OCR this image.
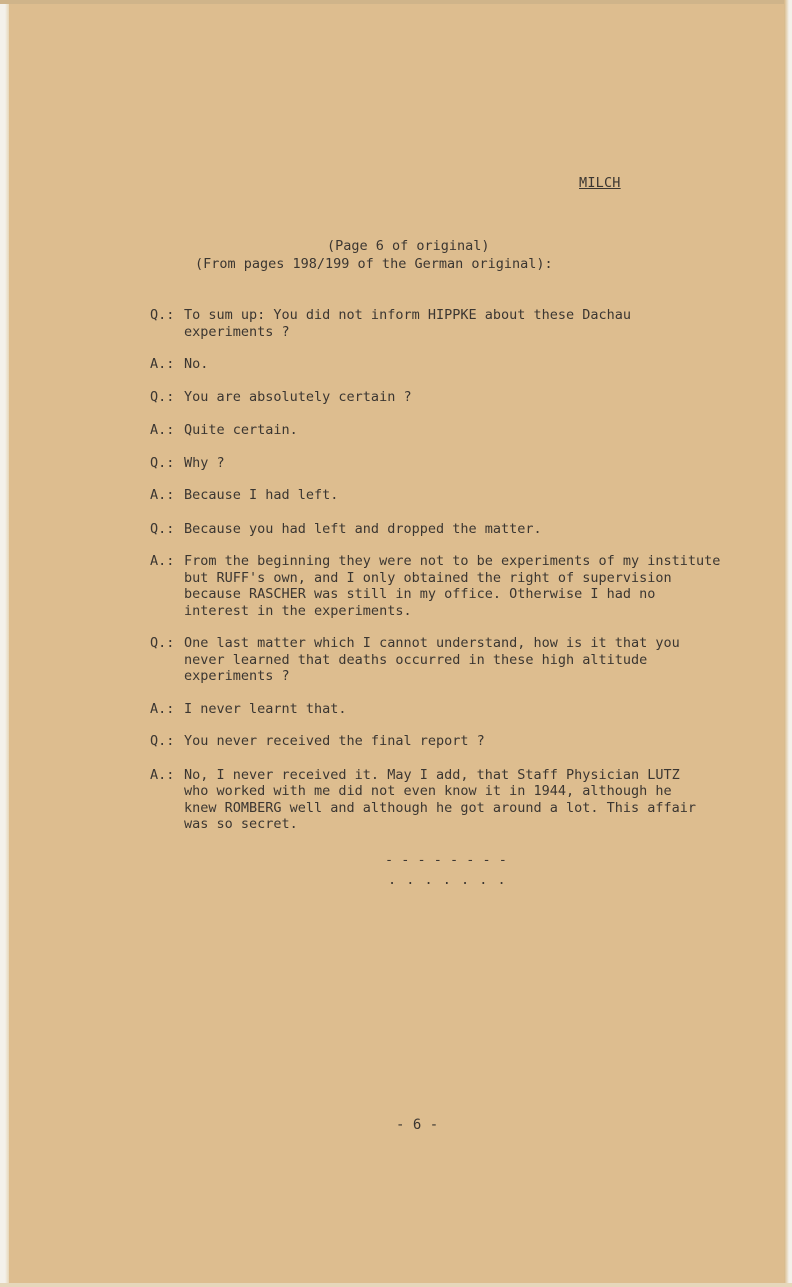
MILCH
(Page 6 of original)
(From pages 198/199 of the German original):
Q.: To sum up: You did not inform HIPPKE about these Dachau
experiments ?
A.: No.
Q.: You are absolutely certain ?
A.: Quite certain.
Q.: Why ?
A.: Because I had left.
Q.: Because you had left and dropped the matter.
A.: From the beginning they were not to be experiments of my institute
but RUFF's own, and I only obtained the right of supervision
because RASCHER was still in my office. Otherwise I had no
interest in the experiments.
Q.: One last matter which I cannot understand, how is it that you
never learned that deaths occurred in these high altitude
experiments ?
A.: I never learnt that.
Q.: You never received the final report ?
A.: No, I never received it. May I add, that Staff Physician LUTZ
who worked with me did not even know it in 1944, although he
knew ROMBERG well and although he got around a lot. This affair
was so secret.
- - - - - - - -
. . . . . . .
- 6 -
